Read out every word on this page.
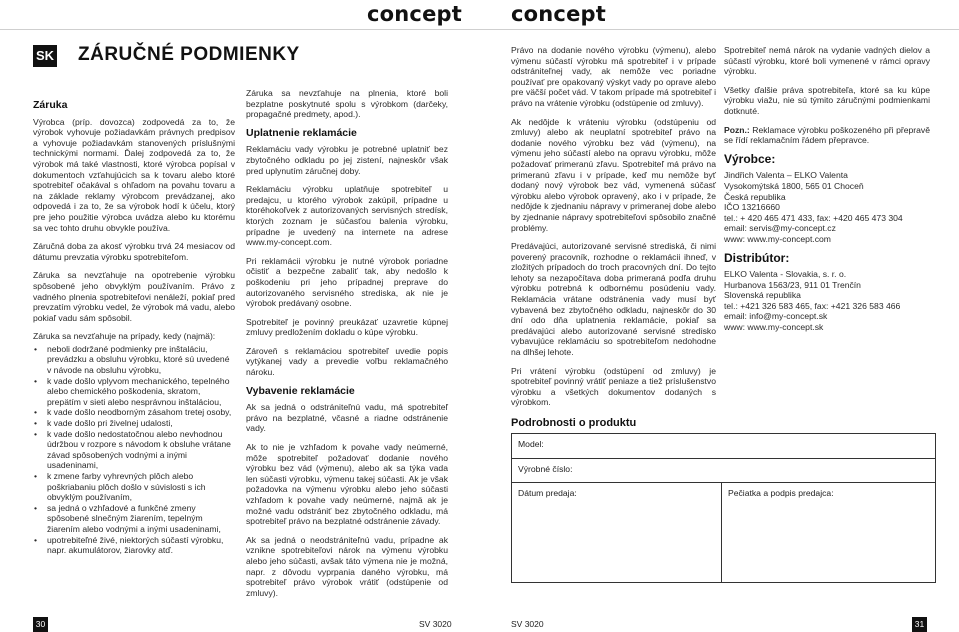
concept concept
SK ZÁRUČNÉ PODMIENKY
Záruka

Výrobca (príp. dovozca) zodpovedá za to, že výrobok vyhovuje požiadavkám právnych predpisov a vyhovuje požiadavkám stanovených príslušnými technickými normami. Ďalej zodpovedá za to, že výrobok má také vlastnosti, ktoré výrobca popísal v dokumentoch vzťahujúcich sa k tovaru alebo ktoré spotrebiteľ očakával s ohľadom na povahu tovaru a na základe reklamy výrobcom prevádzanej, ako odpovedá i za to, že sa výrobok hodí k účelu, ktorý pre jeho použitie výrobca uvádza alebo ku ktorému sa vec tohto druhu obvykle používa.

Záručná doba za akosť výrobku trvá 24 mesiacov od dátumu prevzatia výrobku spotrebiteľom.

Záruka sa nevzťahuje na opotrebenie výrobku spôsobené jeho obvyklým používaním. Právo z vadného plnenia spotrebiteľovi nenáleží, pokiaľ pred prevzatím výrobku vedel, že výrobok má vadu, alebo pokiaľ vadu sám spôsobil.

Záruka sa nevzťahuje na prípady, kedy (najmä):

• neboli dodržané podmienky pre inštaláciu, prevádzku a obsluhu výrobku, ktoré sú uvedené v návode na obsluhu výrobku,
• k vade došlo vplyvom mechanického, tepelného alebo chemického poškodenia, skratom, prepätím v sieti alebo nesprávnou inštaláciou,
• k vade došlo neodborným zásahom tretej osoby,
• k vade došlo pri živelnej udalosti,
• k vade došlo nedostatočnou alebo nevhodnou údržbou v rozpore s návodom k obsluhe vrátane závad spôsobených vodnými a inými usadeninami,
• k zmene farby vyhrevných plôch alebo poškriabaniu plôch došlo v súvislosti s ich obvyklým používaním,
• sa jedná o vzhľadové a funkčné zmeny spôsobené slnečným žiarením, tepelným žiarením alebo vodnými a inými usadeninami,
• upotrebiteľné živé, niektorých súčastí výrobku, napr. akumulátorov, žiarovky atď.

Záruka sa nevzťahuje na plnenia, ktoré boli bezplatne poskytnuté spolu s výrobkom (darčeky, propagačné predmety, apod.).

Uplatnenie reklamácie

Reklamáciu vady výrobku je potrebné uplatniť bez zbytočného odkladu po jej zistení, najneskôr však pred uplynutím záručnej doby.

Reklamáciu výrobku uplatňuje spotrebiteľ u predajcu, u ktorého výrobok zakúpil, prípadne u ktoréhokoľvek z autorizovaných servisných stredísk, ktorých zoznam je súčasťou balenia výrobku, prípadne je uvedený na internete na adrese www.my-concept.com.

Pri reklamácii výrobku je nutné výrobok poriadne očistiť a bezpečne zabaliť tak, aby nedošlo k poškodeniu pri jeho prípadnej preprave do autorizovaného servisného strediska, ak nie je výrobok predávaný osobne.

Spotrebiteľ je povinný preukázať uzavretie kúpnej zmluvy predložením dokladu o kúpe výrobku.

Zároveň s reklamáciou spotrebiteľ uvedie popis vytýkanej vady a prevedie voľbu reklamačného nároku.

Vybavenie reklamácie

Ak sa jedná o odstrániteľnú vadu, má spotrebiteľ právo na bezplatné, včasné a riadne odstránenie vady.

Ak to nie je vzhľadom k povahe vady neúmerné, môže spotrebiteľ požadovať dodanie nového výrobku bez vád (výmenu), alebo ak sa týka vada len súčasti výrobku, výmenu takej súčasti. Ak je však požadovka na výmenu výrobku alebo jeho súčasti vzhľadom k povahe vady neúmerné, najmä ak je možné vadu odstrániť bez zbytočného odkladu, má spotrebiteľ právo na bezplatné odstránenie závady.

Ak sa jedná o neodstrániteľnú vadu, prípadne ak vznikne spotrebiteľovi nárok na výmenu výrobku alebo jeho súčasti, avšak táto výmena nie je možná, napr. z dôvodu vyprpania daného výrobku, má spotrebiteľ právo výrobok vrátiť (odstúpenie od zmluvy).

Právo na dodanie nového výrobku (výmenu), alebo výmenu súčastí výrobku má spotrebiteľ i v prípade odstrániteľnej vady, ak nemôže vec poriadne používať pre opakovaný výskyt vady po oprave alebo pre väčší počet vád. V takom prípade má spotrebiteľ i právo na vrátenie výrobku (odstúpenie od zmluvy).

Ak nedôjde k vráteniu výrobku (odstúpeniu od zmluvy) alebo ak neuplatní spotrebiteľ právo na dodanie nového výrobku bez vád (výmenu), na výmenu jeho súčastí alebo na opravu výrobku, môže požadovať primeranú zľavu. Spotrebiteľ má právo na primeranú zľavu i v prípade, keď mu nemôže byť dodaný nový výrobok bez vád, vymenená súčasť výrobku alebo výrobok opravený, ako i v prípade, že nedôjde k zjednaniu nápravy v primeranej dobe alebo by zjednanie nápravy spotrebiteľovi spôsobilo značné problémy.

Predávajúci, autorizované servisné strediská, či nimi poverený pracovník, rozhodne o reklamácii ihneď, v zložitých prípadoch do troch pracovných dní. Do tejto lehoty sa nezapočítava doba primeraná podľa druhu výrobku potrebná k odbornému posúdeniu vady. Reklamácia vrátane odstránenia vady musí byť vybavená bez zbytočného odkladu, najneskôr do 30 dní odo dňa uplatnenia reklamácie, pokiaľ sa predávajúci alebo autorizované servisné stredisko vybavujúce reklamáciu so spotrebiteľom nedohodne na dlhšej lehote.

Pri vrátení výrobku (odstúpení od zmluvy) je spotrebiteľ povinný vrátiť peniaze a tiež príslušenstvo výrobku a všetkých dokumentov dodaných s výrobkom.

Spotrebiteľ nemá nárok na vydanie vadných dielov a súčastí výrobku, ktoré boli vymenené v rámci opravy výrobku.

Všetky ďalšie práva spotrebiteľa, ktoré sa ku kúpe výrobku viažu, nie sú týmito záručnými podmienkami dotknuté.

Pozn.: Reklamace výrobku poškozeného při přepravě se řídí reklamačním řádem přepravce.

Výrobce:
Jindřich Valenta – ELKO Valenta
Vysokomýtská 1800, 565 01 Choceň
Česká republika
IČO 13216660
tel.: + 420 465 471 433, fax: +420 465 473 304
email: servis@my-concept.cz
www: www.my-concept.com
Distribútor:
ELKO Valenta - Slovakia, s. r. o.
Hurbanova 1563/23, 911 01 Trenčín
Slovenská republika
tel.: +421 326 583 465, fax: +421 326 583 466
email: info@my-concept.sk
www: www.my-concept.sk
Podrobnosti o produktu
Model:
Výrobné číslo:
Dátum predaja:	Pečiatka a podpis predajca:
30	SV 3020	SV 3020	31
